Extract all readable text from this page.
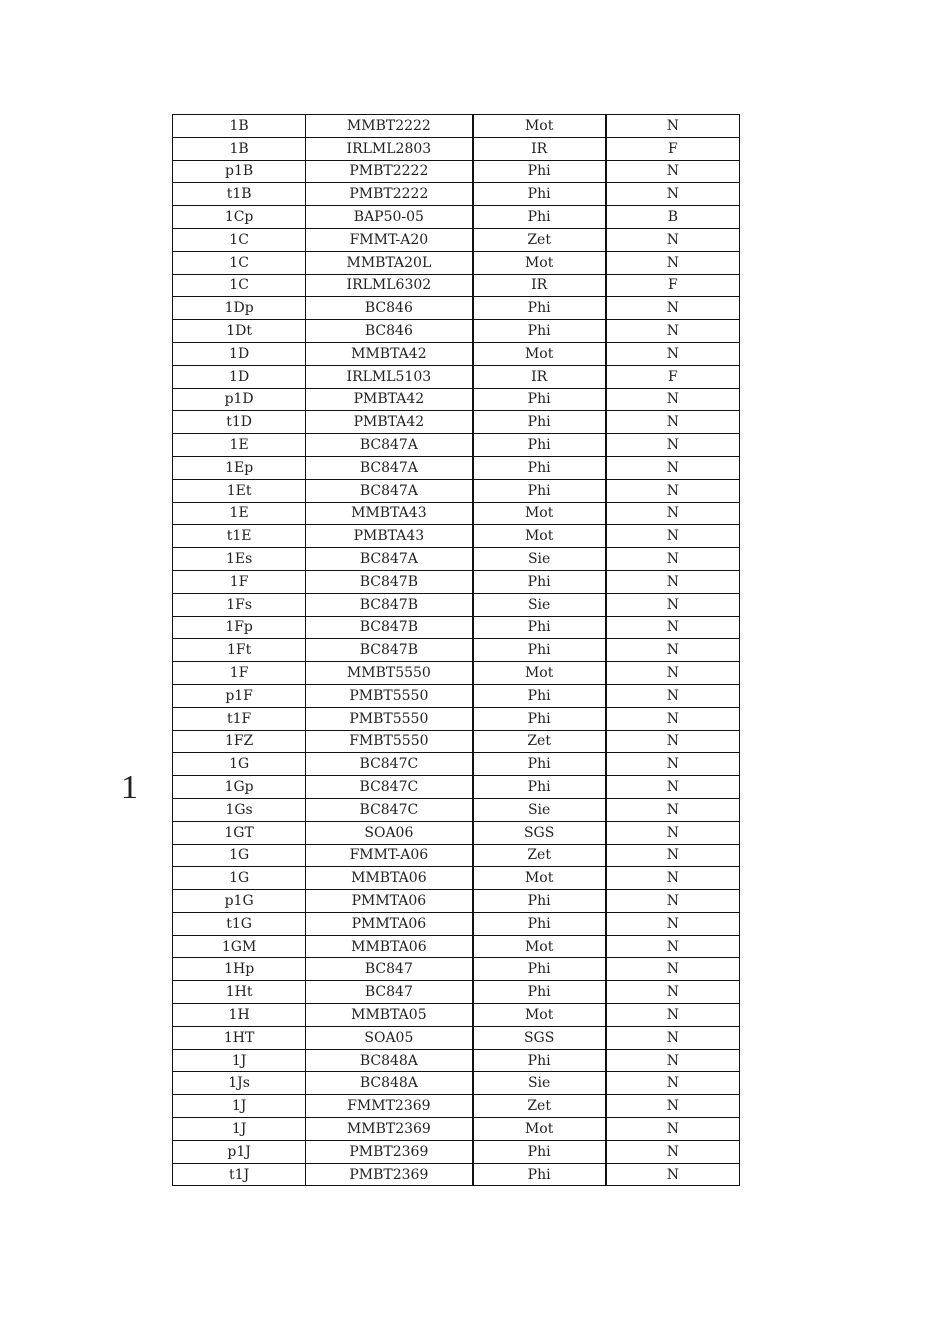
1
1B	MMBT2222	Mot	N
1B	IRLML2803	IR	F
p1B	PMBT2222	Phi	N
t1B	PMBT2222	Phi	N
1Cp	BAP50-05	Phi	B
1C	FMMT-A20	Zet	N
1C	MMBTA20L	Mot	N
1C	IRLML6302	IR	F
1Dp	BC846	Phi	N
1Dt	BC846	Phi	N
1D	MMBTA42	Mot	N
1D	IRLML5103	IR	F
p1D	PMBTA42	Phi	N
t1D	PMBTA42	Phi	N
1E	BC847A	Phi	N
1Ep	BC847A	Phi	N
1Et	BC847A	Phi	N
1E	MMBTA43	Mot	N
t1E	PMBTA43	Mot	N
1Es	BC847A	Sie	N
1F	BC847B	Phi	N
1Fs	BC847B	Sie	N
1Fp	BC847B	Phi	N
1Ft	BC847B	Phi	N
1F	MMBT5550	Mot	N
p1F	PMBT5550	Phi	N
t1F	PMBT5550	Phi	N
1FZ	FMBT5550	Zet	N
1G	BC847C	Phi	N
1Gp	BC847C	Phi	N
1Gs	BC847C	Sie	N
1GT	SOA06	SGS	N
1G	FMMT-A06	Zet	N
1G	MMBTA06	Mot	N
p1G	PMMTA06	Phi	N
t1G	PMMTA06	Phi	N
1GM	MMBTA06	Mot	N
1Hp	BC847	Phi	N
1Ht	BC847	Phi	N
1H	MMBTA05	Mot	N
1HT	SOA05	SGS	N
1J	BC848A	Phi	N
1Js	BC848A	Sie	N
1J	FMMT2369	Zet	N
1J	MMBT2369	Mot	N
p1J	PMBT2369	Phi	N
t1J	PMBT2369	Phi	N
